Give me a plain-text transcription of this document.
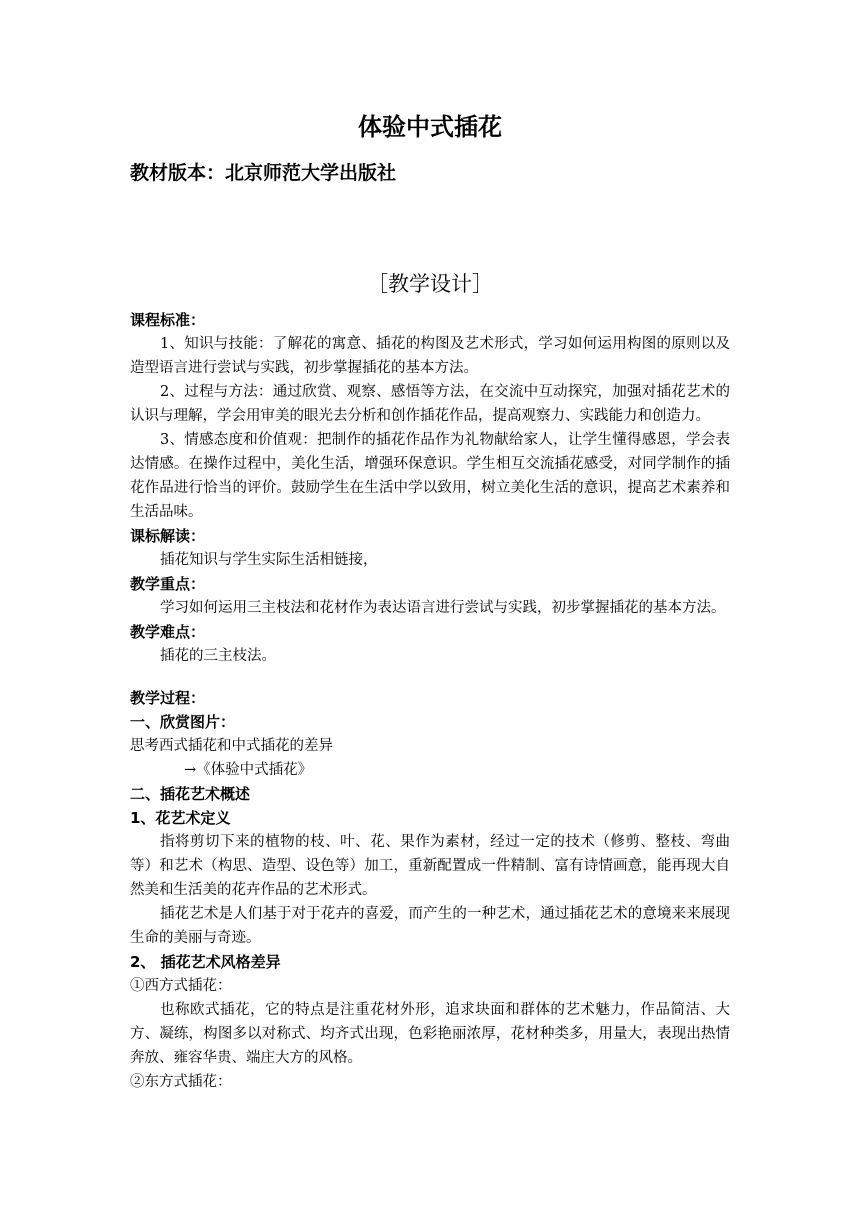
体验中式插花
教材版本：北京师范大学出版社
［教学设计］
课程标准：
1、知识与技能：了解花的寓意、插花的构图及艺术形式，学习如何运用构图的原则以及造型语言进行尝试与实践，初步掌握插花的基本方法。
2、过程与方法：通过欣赏、观察、感悟等方法，在交流中互动探究，加强对插花艺术的认识与理解，学会用审美的眼光去分析和创作插花作品，提高观察力、实践能力和创造力。
3、情感态度和价值观：把制作的插花作品作为礼物献给家人，让学生懂得感恩，学会表达情感。在操作过程中，美化生活，增强环保意识。学生相互交流插花感受，对同学制作的插花作品进行恰当的评价。鼓励学生在生活中学以致用，树立美化生活的意识，提高艺术素养和生活品味。
课标解读：
插花知识与学生实际生活相链接，
教学重点：
学习如何运用三主枝法和花材作为表达语言进行尝试与实践，初步掌握插花的基本方法。
教学难点：
插花的三主枝法。
教学过程：
一、欣赏图片：
思考西式插花和中式插花的差异
→《体验中式插花》
二、插花艺术概述
1、花艺术定义
指将剪切下来的植物的枝、叶、花、果作为素材，经过一定的技术（修剪、整枝、弯曲等）和艺术（构思、造型、设色等）加工，重新配置成一件精制、富有诗情画意，能再现大自然美和生活美的花卉作品的艺术形式。
插花艺术是人们基于对于花卉的喜爱，而产生的一种艺术，通过插花艺术的意境来来展现生命的美丽与奇迹。
2、 插花艺术风格差异
①西方式插花：
也称欧式插花，它的特点是注重花材外形，追求块面和群体的艺术魅力，作品简洁、大方、凝练，构图多以对称式、均齐式出现，色彩艳丽浓厚，花材种类多，用量大，表现出热情奔放、雍容华贵、端庄大方的风格。
②东方式插花：
